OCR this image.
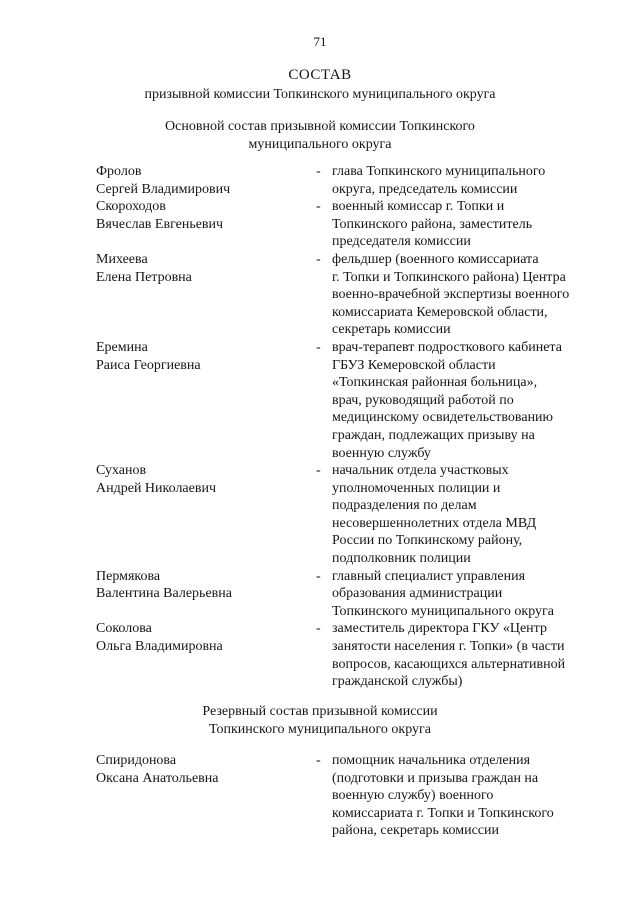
71
СОСТАВ
призывной комиссии Топкинского муниципального округа
Основной состав призывной комиссии Топкинского
муниципального округа
Фролов
Сергей Владимирович
- глава Топкинского муниципального
округа, председатель комиссии
Скороходов
Вячеслав Евгеньевич
- военный комиссар г. Топки и
Топкинского района, заместитель
председателя комиссии
Михеева
Елена Петровна
- фельдшер (военного комиссариата
г. Топки и Топкинского района) Центра
военно-врачебной экспертизы военного
комиссариата Кемеровской области,
секретарь комиссии
Еремина
Раиса Георгиевна
- врач-терапевт подросткового кабинета
ГБУЗ Кемеровской области
«Топкинская районная больница»,
врач, руководящий работой по
медицинскому освидетельствованию
граждан, подлежащих призыву на
военную службу
Суханов
Андрей Николаевич
- начальник отдела участковых
уполномоченных полиции и
подразделения по делам
несовершеннолетних отдела МВД
России по Топкинскому району,
подполковник полиции
Пермякова
Валентина Валерьевна
- главный специалист управления
образования администрации
Топкинского муниципального округа
Соколова
Ольга Владимировна
- заместитель директора ГКУ «Центр
занятости населения г. Топки» (в части
вопросов, касающихся альтернативной
гражданской службы)
Резервный состав призывной комиссии
Топкинского муниципального округа
Спиридонова
Оксана Анатольевна
- помощник начальника отделения
(подготовки и призыва граждан на
военную службу) военного
комиссариата г. Топки и Топкинского
района, секретарь комиссии
